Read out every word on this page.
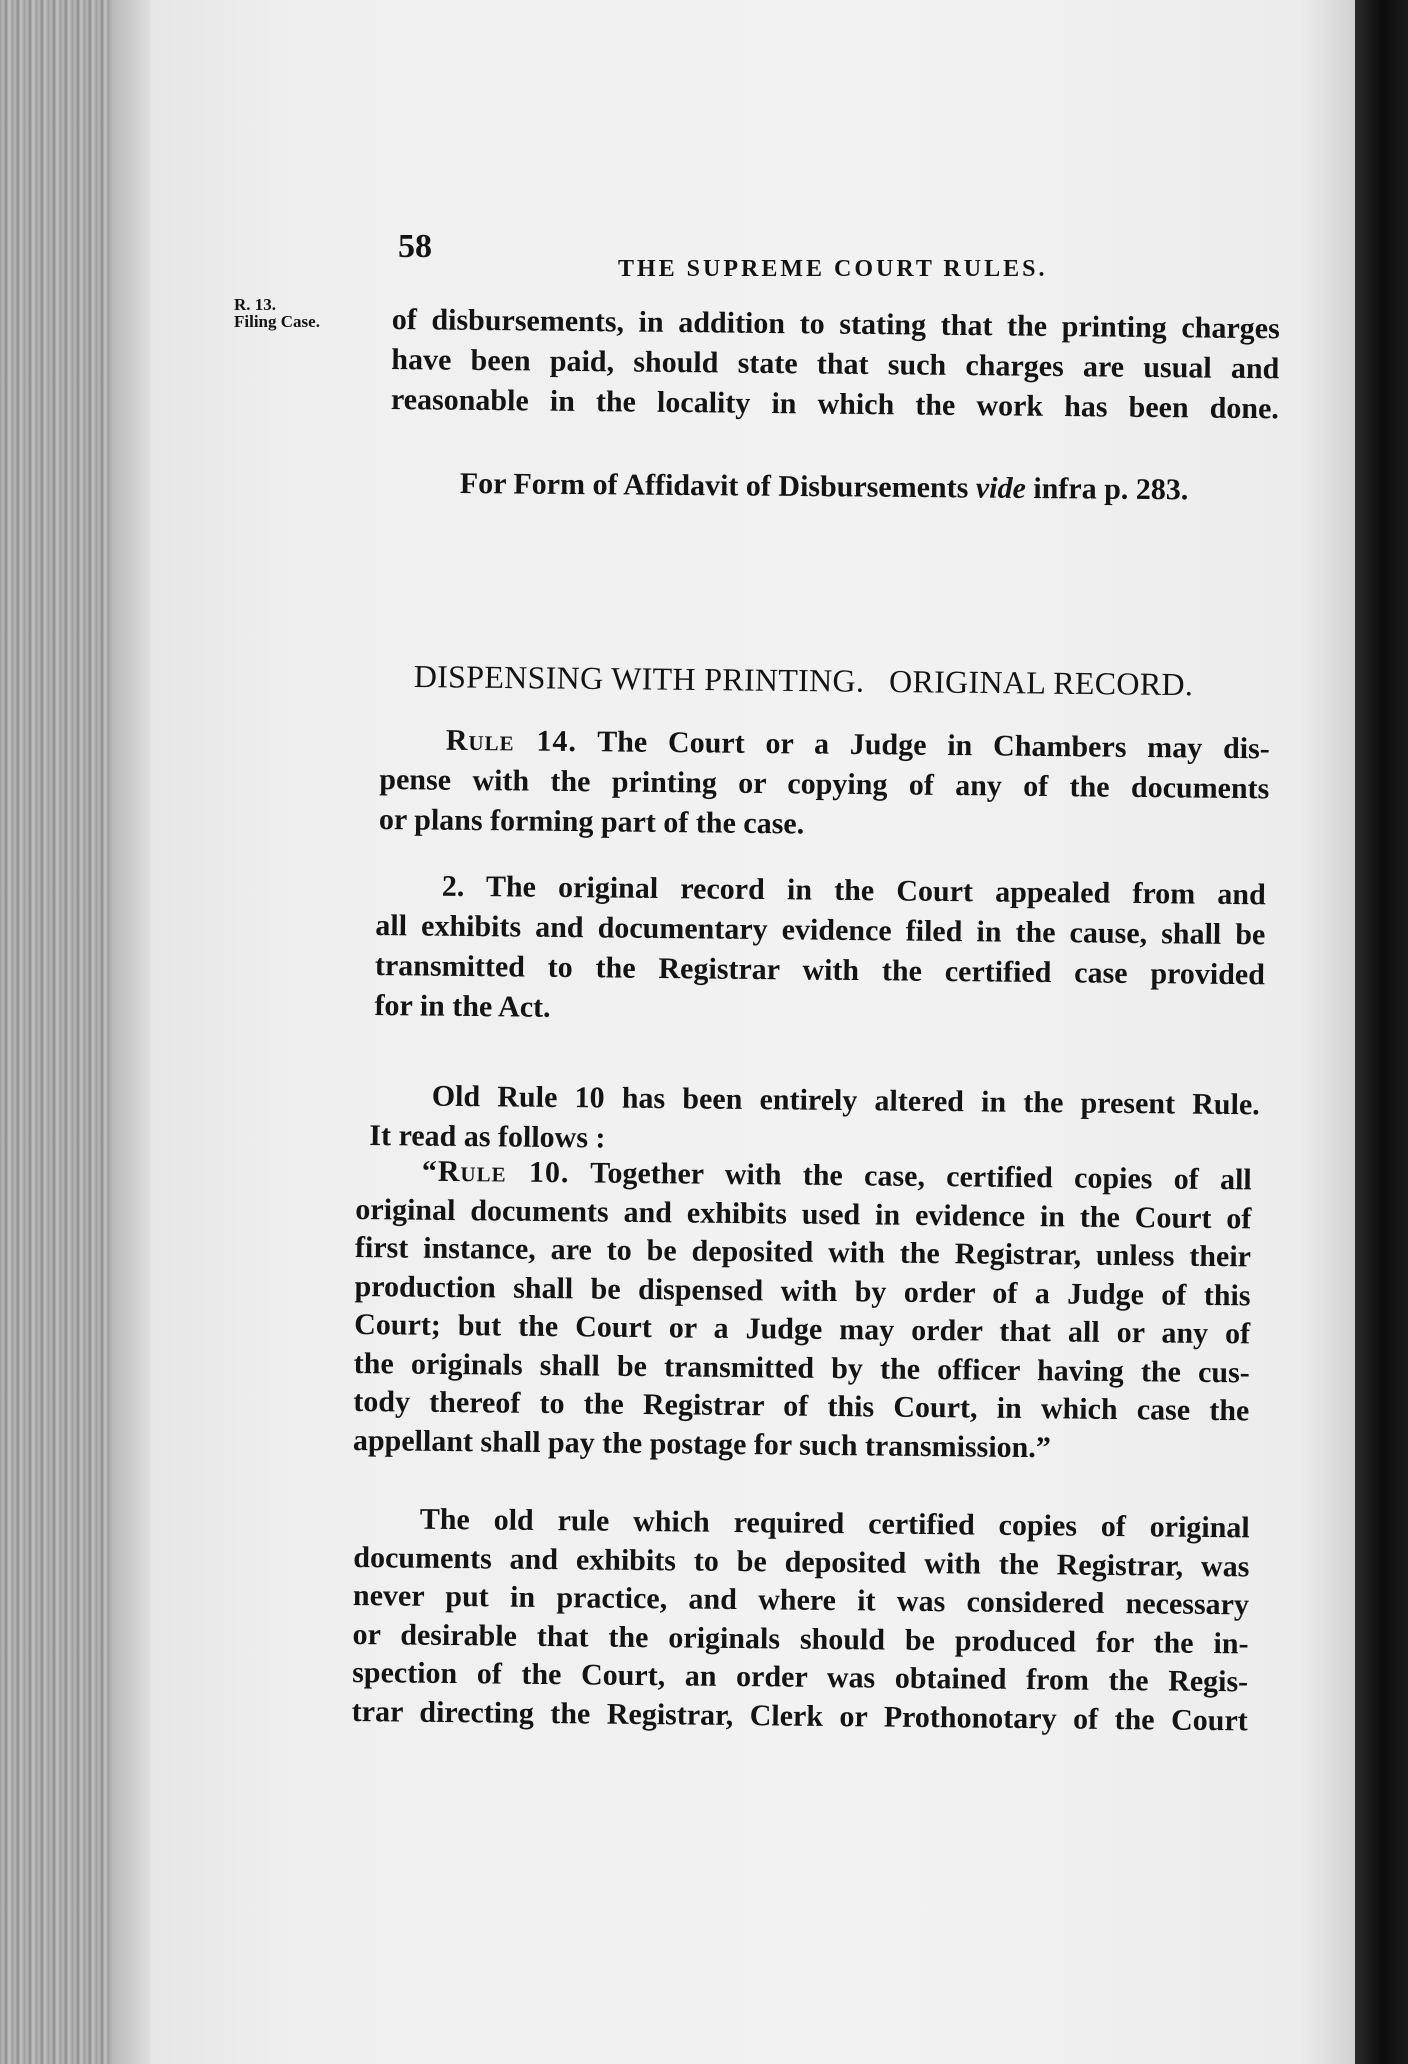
58
THE SUPREME COURT RULES.
R. 13.
Filing Case. of disbursements, in addition to stating that the printing charges
have been paid, should state that such charges are usual and
reasonable in the locality in which the work has been done.
For Form of Affidavit of Disbursements vide infra p. 283.
DISPENSING WITH PRINTING.   ORIGINAL RECORD.
Rule 14. The Court or a Judge in Chambers may dis-
pense with the printing or copying of any of the documents
or plans forming part of the case.
2. The original record in the Court appealed from and
all exhibits and documentary evidence filed in the cause, shall be
transmitted to the Registrar with the certified case provided
for in the Act.
Old Rule 10 has been entirely altered in the present Rule.
It read as follows :
“Rule 10. Together with the case, certified copies of all
original documents and exhibits used in evidence in the Court of
first instance, are to be deposited with the Registrar, unless their
production shall be dispensed with by order of a Judge of this
Court; but the Court or a Judge may order that all or any of
the originals shall be transmitted by the officer having the cus-
tody thereof to the Registrar of this Court, in which case the
appellant shall pay the postage for such transmission.”
The old rule which required certified copies of original
documents and exhibits to be deposited with the Registrar, was
never put in practice, and where it was considered necessary
or desirable that the originals should be produced for the in-
spection of the Court, an order was obtained from the Regis-
trar directing the Registrar, Clerk or Prothonotary of the Court
